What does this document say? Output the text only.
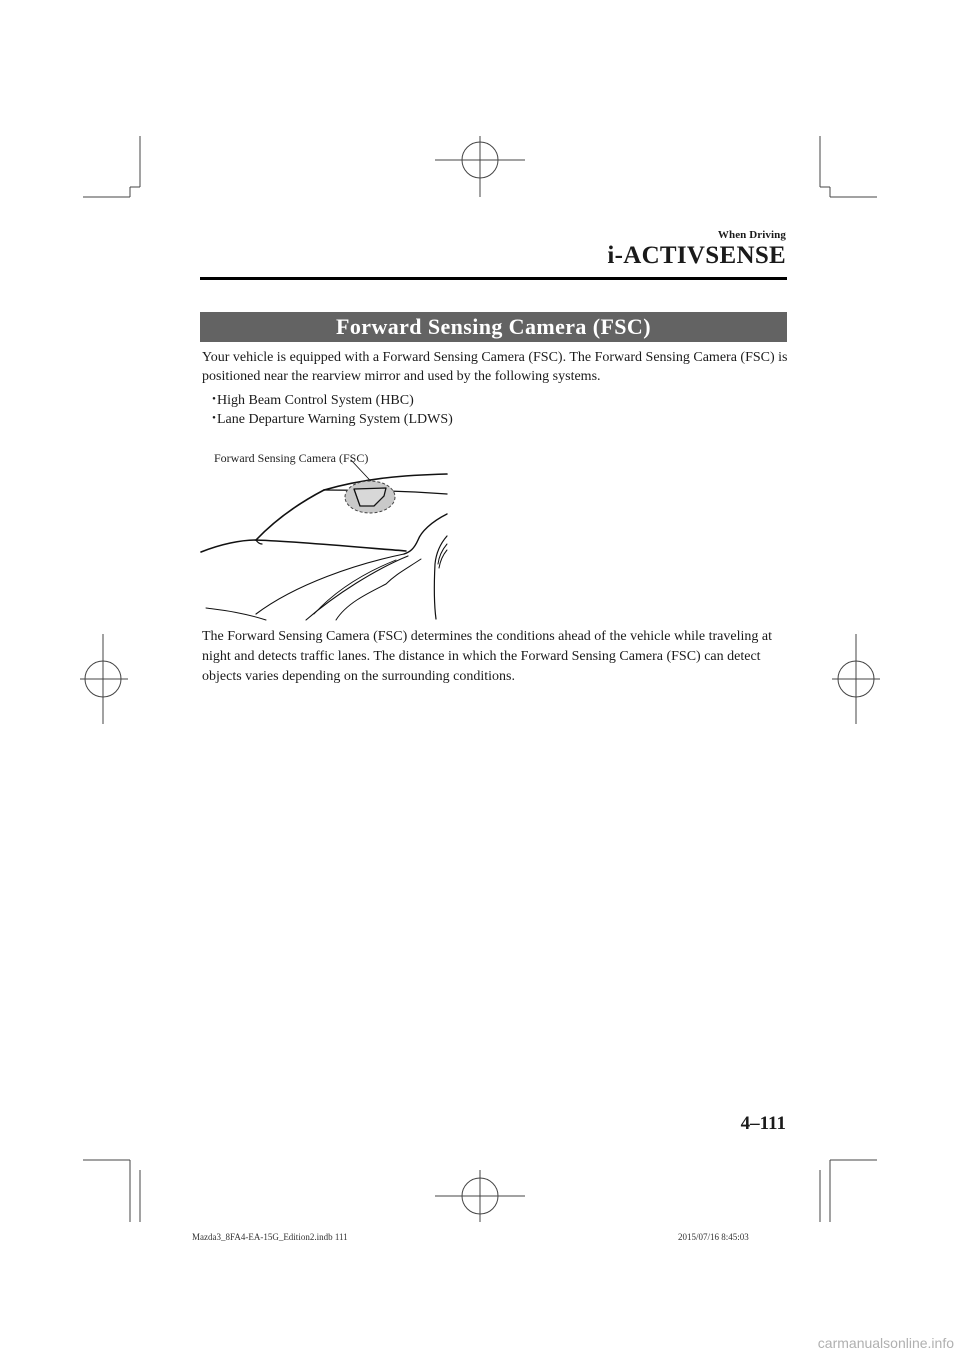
When Driving
i-ACTIVSENSE
Forward Sensing Camera (FSC)
Your vehicle is equipped with a Forward Sensing Camera (FSC). The Forward Sensing Camera (FSC) is positioned near the rearview mirror and used by the following systems.
・
High Beam Control System (HBC)
・
Lane Departure Warning System (LDWS)
Forward Sensing Camera (FSC)
The Forward Sensing Camera (FSC) determines the conditions ahead of the vehicle while traveling at night and detects traffic lanes. The distance in which the Forward Sensing Camera (FSC) can detect objects varies depending on the surrounding conditions.
4–111
Mazda3_8FA4-EA-15G_Edition2.indb 111	2015/07/16 8:45:03
carmanualsonline.info
